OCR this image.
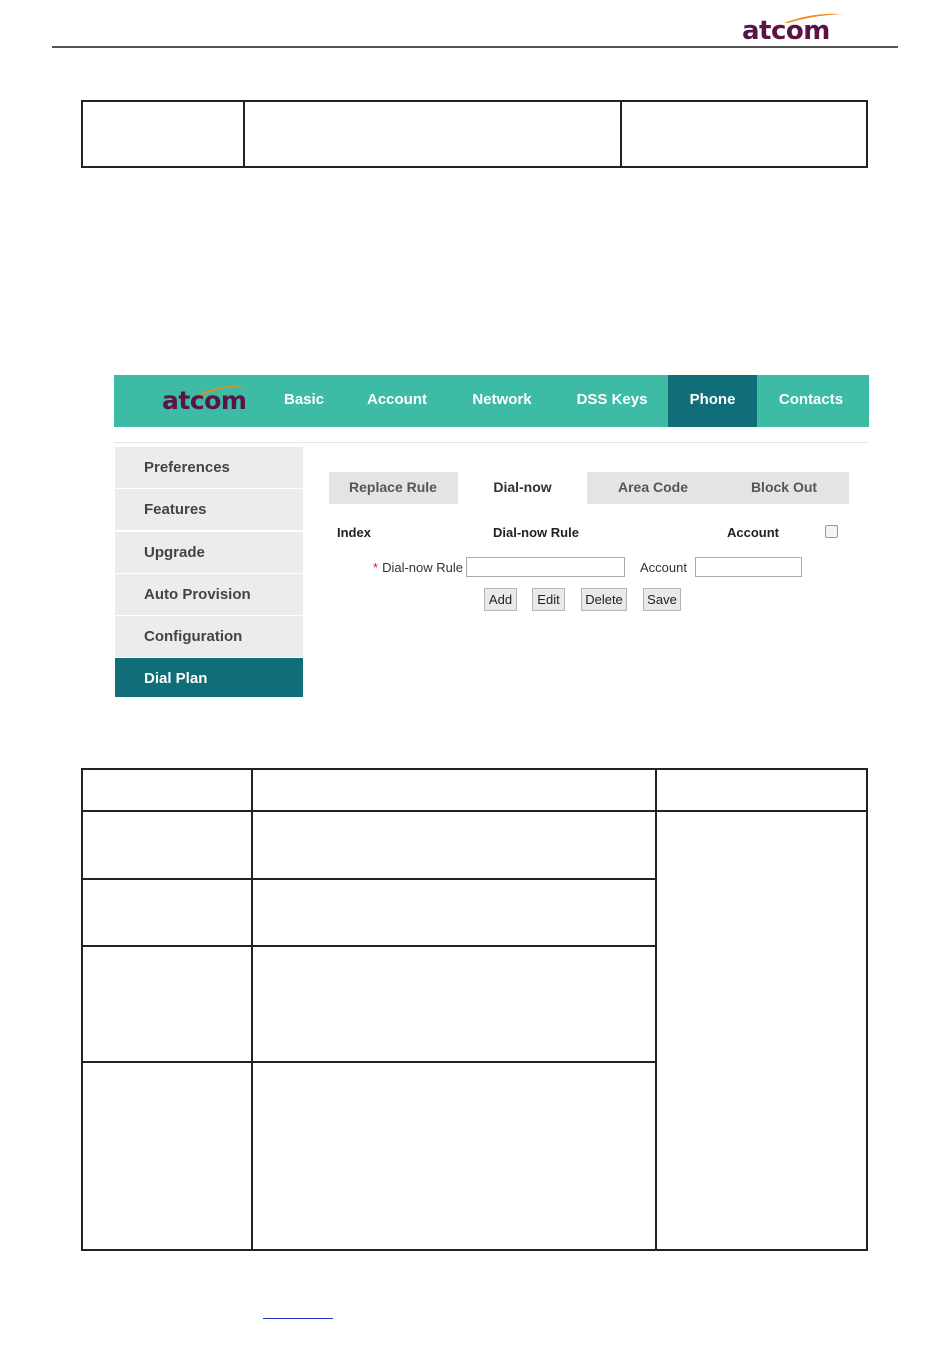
atcom
atcom	Basic	Account	Network	DSS Keys	Phone	Contacts
Preferences
Features
Upgrade
Auto Provision
Configuration
Dial Plan
Replace Rule	Dial-now	Area Code	Block Out
Index	Dial-now Rule	Account
* Dial-now Rule	Account
Add	Edit	Delete	Save
